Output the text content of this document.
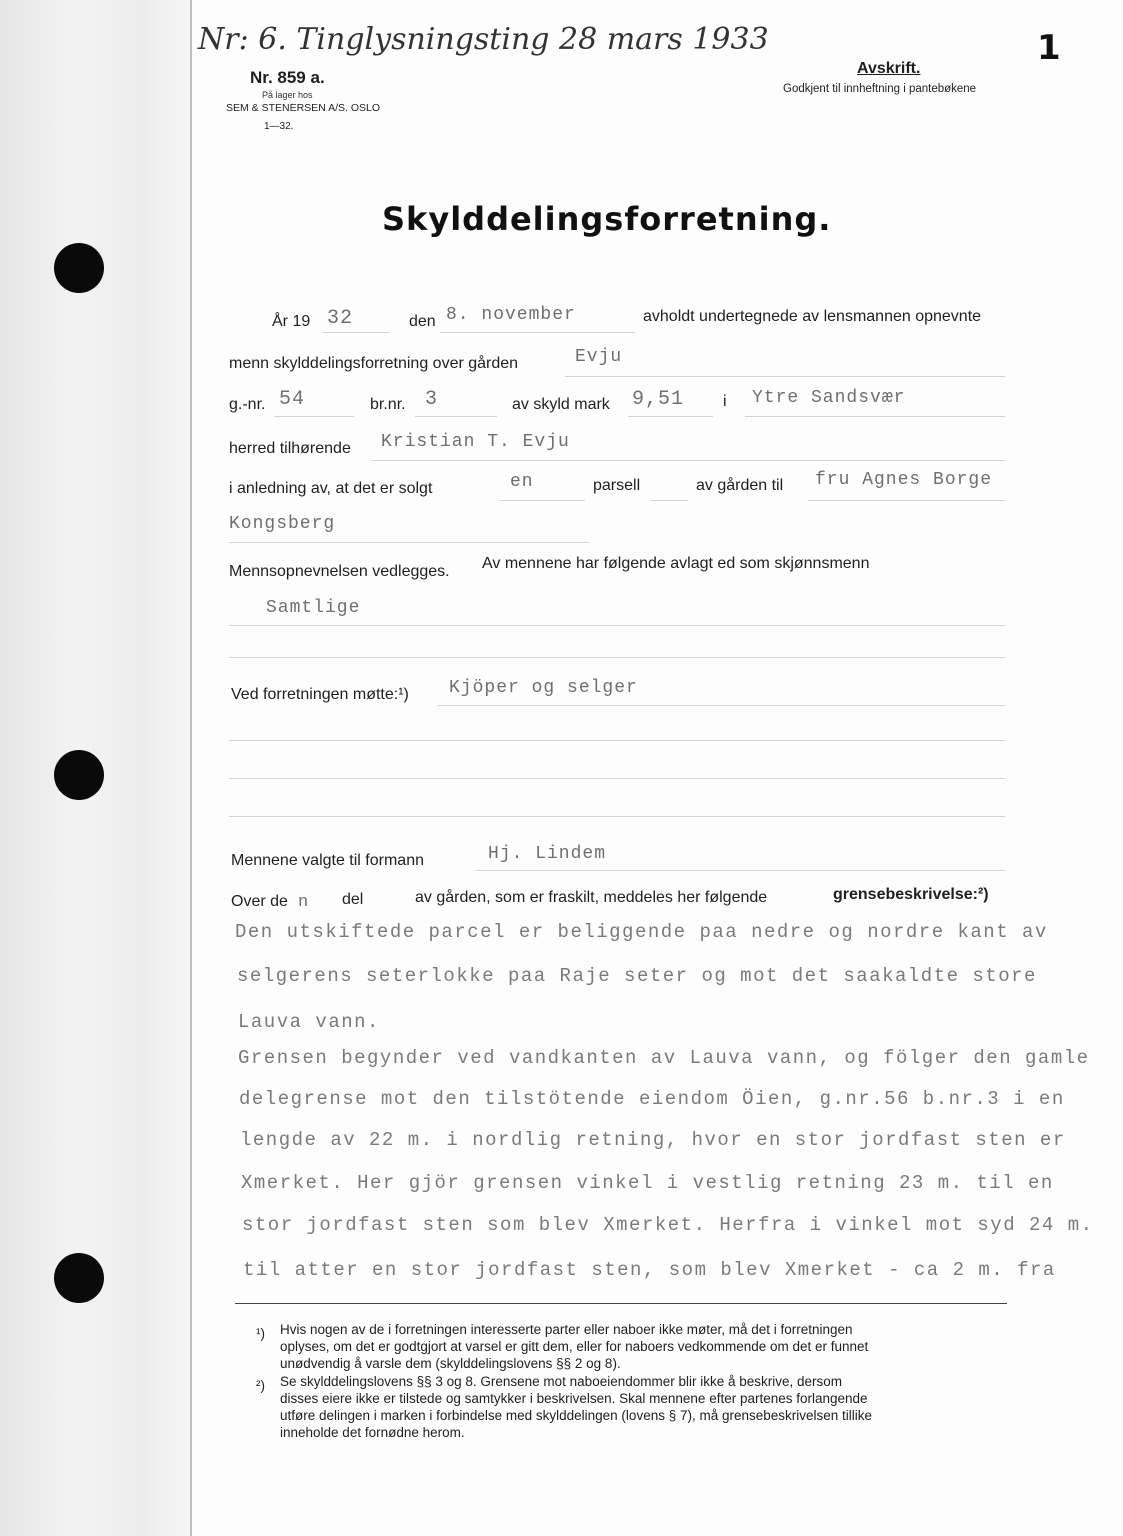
Nr: 6. Tinglysningsting 28 mars 1933
Nr. 859 a.
På lager hos
SEM & STENERSEN A/S. OSLO
1—32.
Avskrift.
Godkjent til innheftning i pantebøkene
1
Skylddelingsforretning.
År 19 32	den 8. november	avholdt undertegnede av lensmannen opnevnte
menn skylddelingsforretning over gården	Evju
g.-nr. 54	br.nr. 3	av skyld mark 9,51 i Ytre Sandsvær
herred tilhørende Kristian T. Evju
i anledning av, at det er solgt	en	parsell	av gården til fru Agnes Borge
Kongsberg
Mennsopnevnelsen vedlegges. Av mennene har følgende avlagt ed som skjønnsmenn
Samtlige
Ved forretningen møtte:¹) Kjöper og selger
Mennene valgte til formann	Hj. Lindem
Over de n del	av gården, som er fraskilt, meddeles her følgende	grensebeskrivelse:²)
Den utskiftede parcel er beliggende paa nedre og nordre kant av
selgerens seterlokke paa Raje seter og mot det saakaldte store
Lauva vann.
Grensen begynder ved vandkanten av Lauva vann, og fölger den gamle
delegrense mot den tilstötende eiendom Öien, g.nr.56 b.nr.3 i en
lengde av 22 m. i nordlig retning, hvor en stor jordfast sten er
Xmerket. Her gjör grensen vinkel i vestlig retning 23 m. til en
stor jordfast sten som blev Xmerket. Herfra i vinkel mot syd 24 m.
til atter en stor jordfast sten, som blev Xmerket - ca 2 m. fra
¹) Hvis nogen av de i forretningen interesserte parter eller naboer ikke møter, må det i forretningen
oplyses, om det er godtgjort at varsel er gitt dem, eller for naboers vedkommende om det er funnet
unødvendig å varsle dem (skylddelingslovens §§ 2 og 8).
²) Se skylddelingslovens §§ 3 og 8. Grensene mot naboeiendommer blir ikke å beskrive, dersom
disses eiere ikke er tilstede og samtykker i beskrivelsen. Skal mennene efter partenes forlangende
utføre delingen i marken i forbindelse med skylddelingen (lovens § 7), må grensebeskrivelsen tillike
inneholde det fornødne herom.
